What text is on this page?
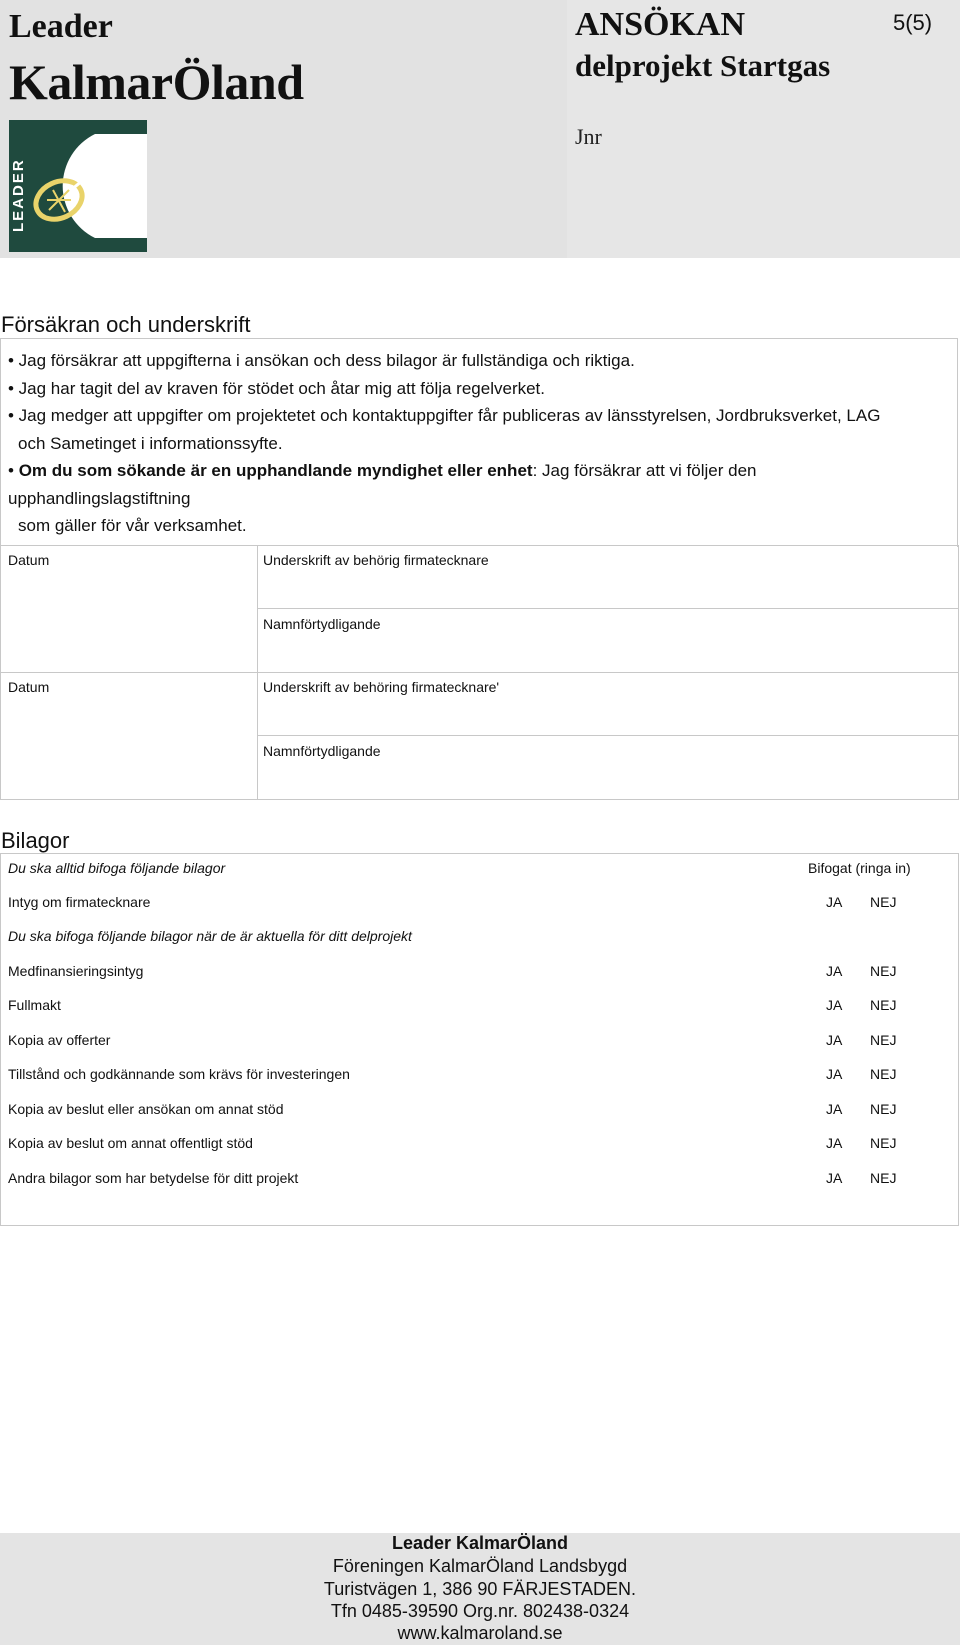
Leader
KalmarÖland
LEADER
ANSÖKAN
delprojekt Startgas
Jnr
5(5)
Försäkran och underskrift
• Jag försäkrar att uppgifterna i ansökan och dess bilagor är fullständiga och riktiga.
• Jag har tagit del av kraven för stödet och åtar mig att följa regelverket.
• Jag medger att uppgifter om projektetet och kontaktuppgifter får publiceras av länsstyrelsen, Jordbruksverket, LAG
och Sametinget i informationssyfte.
• Om du som sökande är en upphandlande myndighet eller enhet: Jag försäkrar att vi följer den
upphandlingslagstiftning
som gäller för vår verksamhet.
Datum	Underskrift av behörig firmatecknare
Namnförtydligande
Datum	Underskrift av behöring firmatecknare'
Namnförtydligande
Bilagor
Du ska alltid bifoga följande bilagor	Bifogat (ringa in)
Intyg om firmatecknare	JA NEJ
Du ska bifoga följande bilagor när de är aktuella för ditt delprojekt
Medfinansieringsintyg	JA NEJ
Fullmakt	JA NEJ
Kopia av offerter	JA NEJ
Tillstånd och godkännande som krävs för investeringen	JA NEJ
Kopia av beslut eller ansökan om annat stöd	JA NEJ
Kopia av beslut om annat offentligt stöd	JA NEJ
Andra bilagor som har betydelse för ditt projekt	JA NEJ
Leader KalmarÖland
Föreningen KalmarÖland Landsbygd
Turistvägen 1, 386 90 FÄRJESTADEN.
Tfn 0485-39590 Org.nr. 802438-0324
www.kalmaroland.se
